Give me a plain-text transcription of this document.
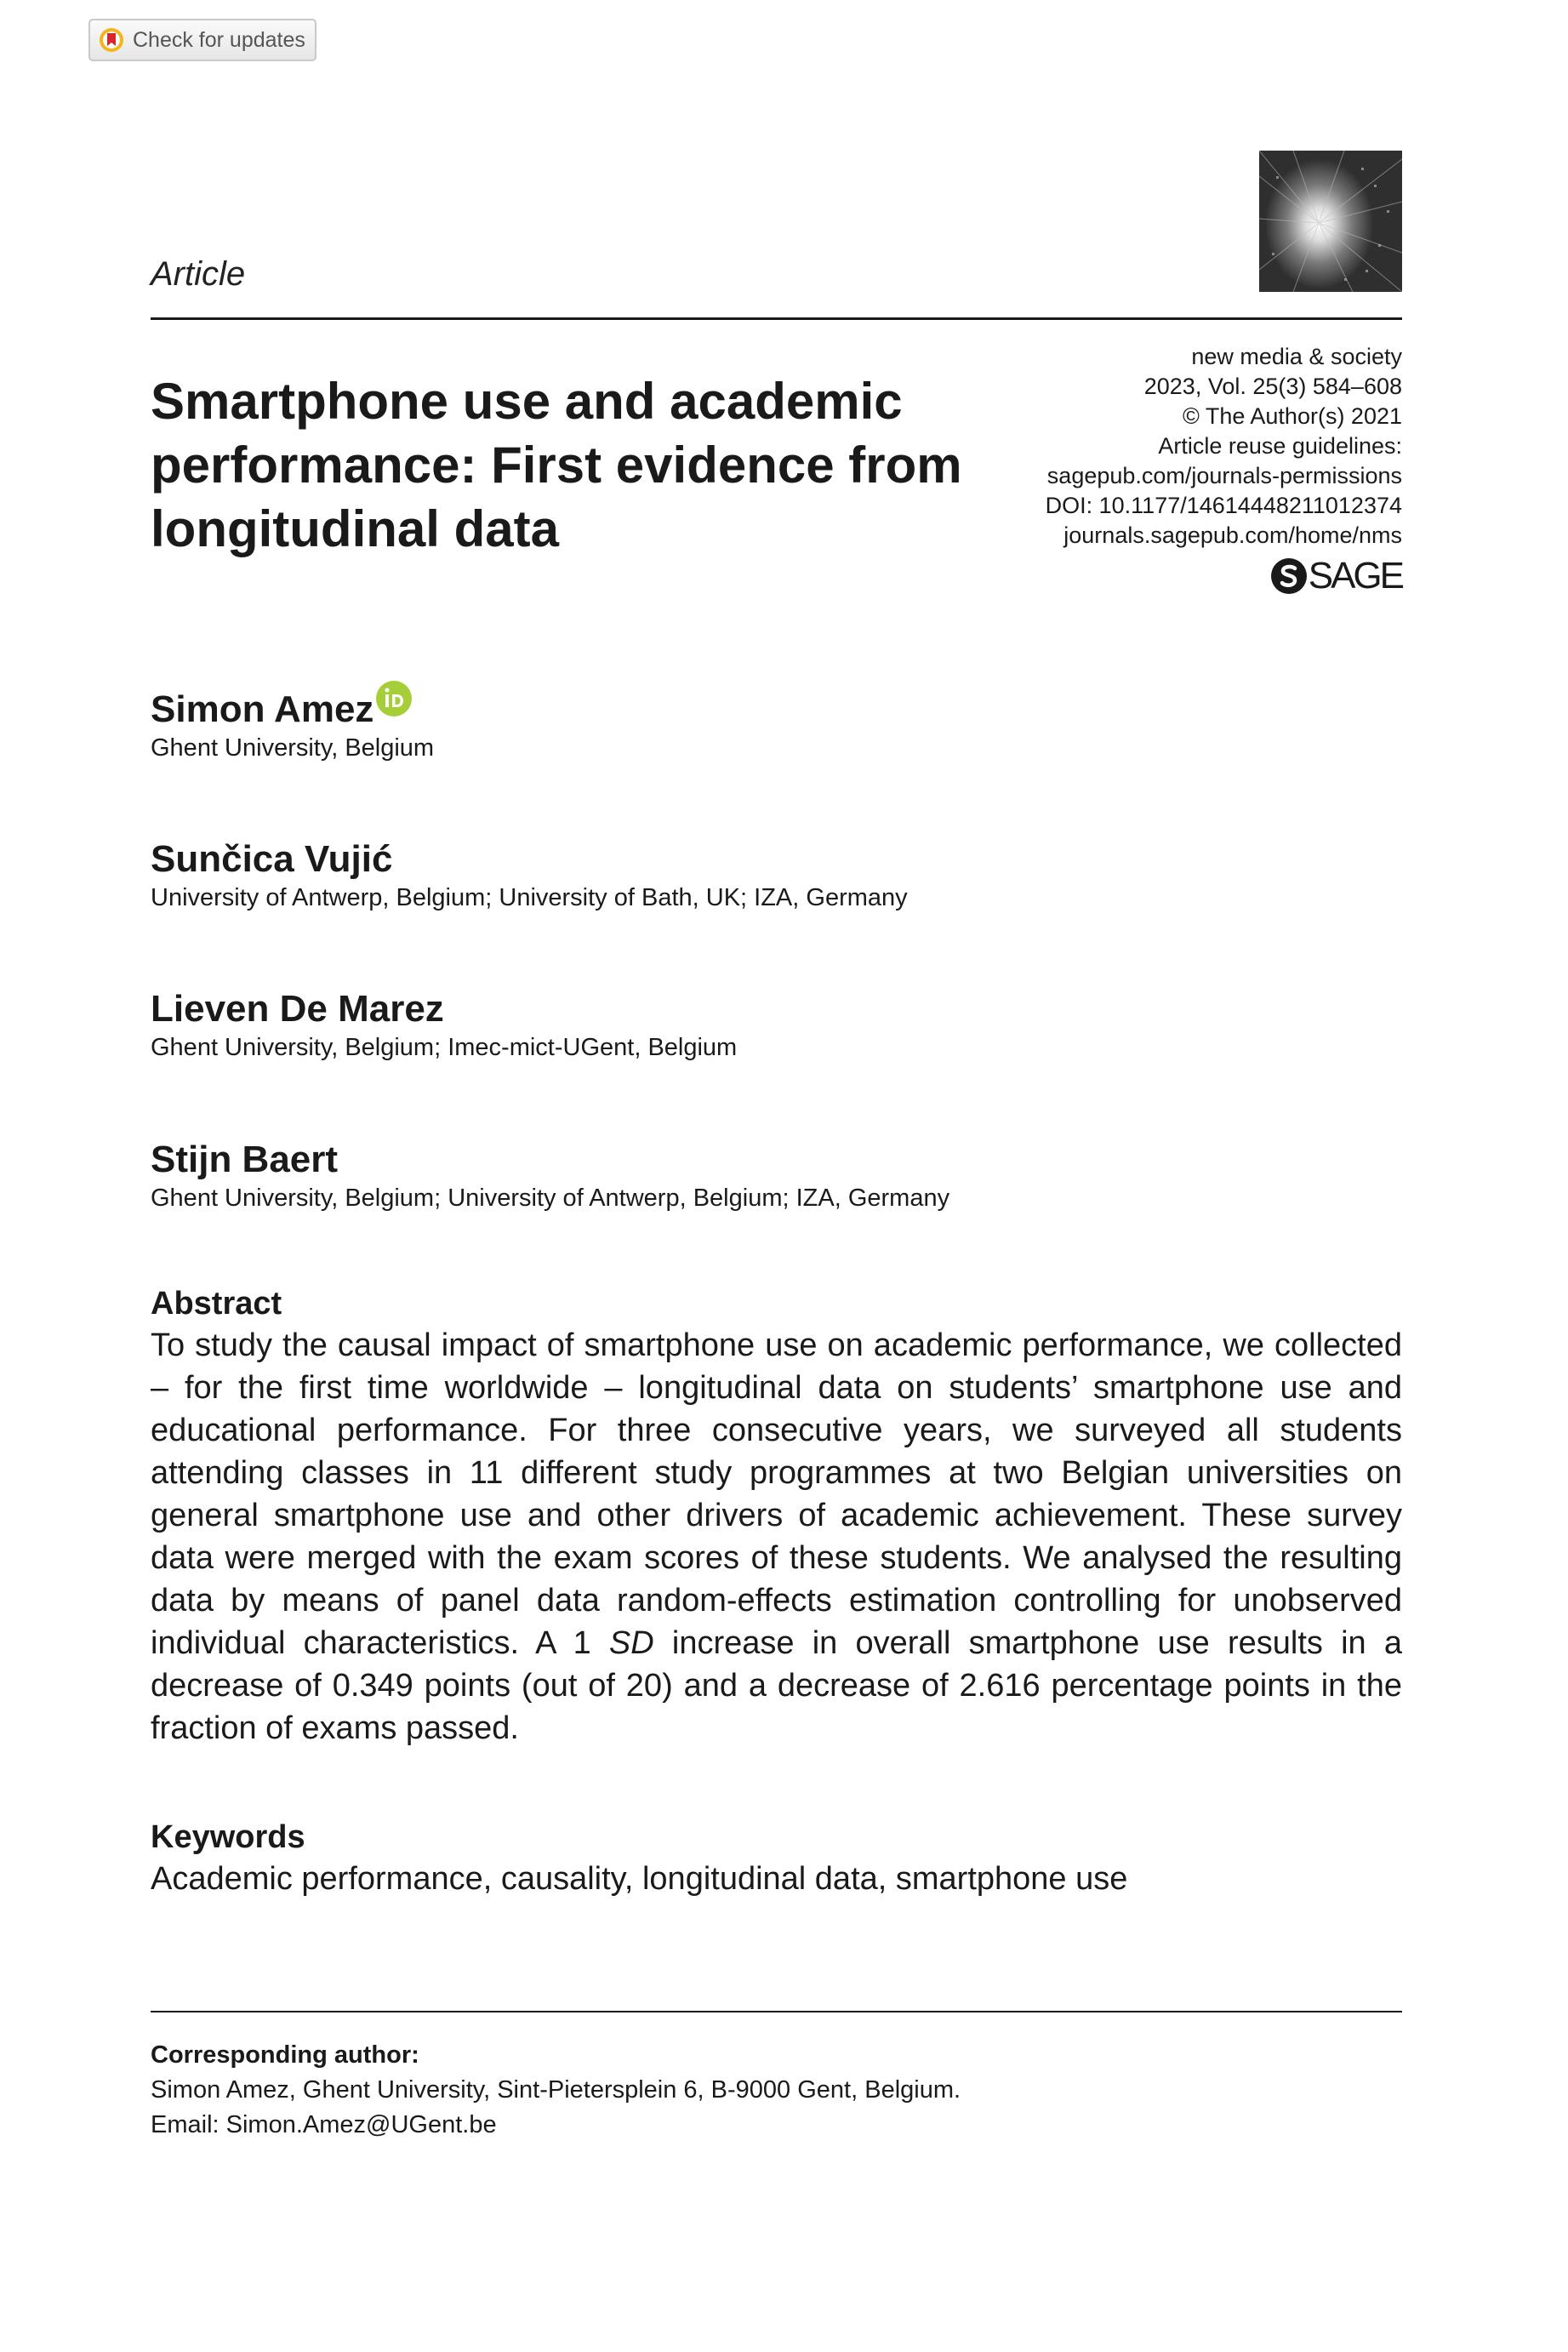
Check for updates
Article
Smartphone use and academic performance: First evidence from longitudinal data
new media & society
2023, Vol. 25(3) 584–608
© The Author(s) 2021
Article reuse guidelines:
sagepub.com/journals-permissions
DOI: 10.1177/14614448211012374
journals.sagepub.com/home/nms
SAGE
Simon Amez
Ghent University, Belgium
Sunčica Vujić
University of Antwerp, Belgium; University of Bath, UK; IZA, Germany
Lieven De Marez
Ghent University, Belgium; Imec-mict-UGent, Belgium
Stijn Baert
Ghent University, Belgium; University of Antwerp, Belgium; IZA, Germany
Abstract

To study the causal impact of smartphone use on academic performance, we collected – for the first time worldwide – longitudinal data on students’ smartphone use and educational performance. For three consecutive years, we surveyed all students attending classes in 11 different study programmes at two Belgian universities on general smartphone use and other drivers of academic achievement. These survey data were merged with the exam scores of these students. We analysed the resulting data by means of panel data random-effects estimation controlling for unobserved individual characteristics. A 1 SD increase in overall smartphone use results in a decrease of 0.349 points (out of 20) and a decrease of 2.616 percentage points in the fraction of exams passed.

Keywords

Academic performance, causality, longitudinal data, smartphone use

Corresponding author:
Simon Amez, Ghent University, Sint-Pietersplein 6, B-9000 Gent, Belgium.
Email: Simon.Amez@UGent.be
